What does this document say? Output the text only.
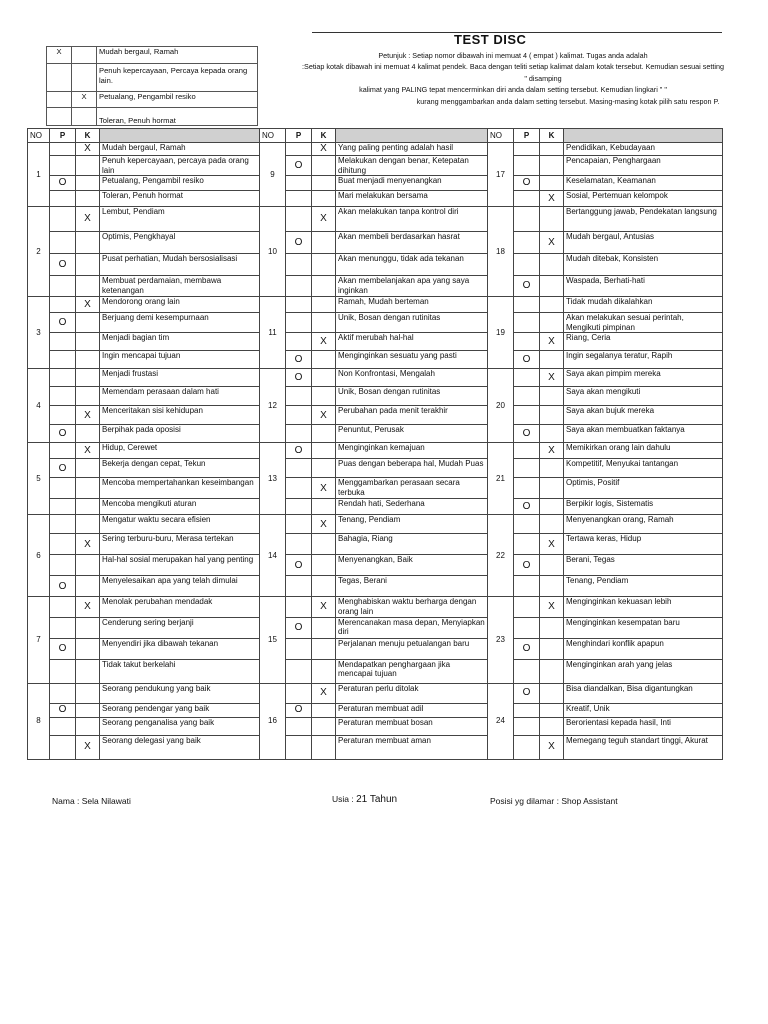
TEST DISC
Petunjuk : Setiap nomor dibawah ini memuat 4 ( empat ) kalimat. Tugas anda adalah
:Setiap kotak dibawah ini memuat 4 kalimat pendek. Baca dengan teliti setiap kalimat dalam kotak tersebut. Kemudian sesuai setting
" disamping
kalimat yang PALING tepat mencerminkan diri anda dalam setting tersebut. Kemudian lingkari " "
kurang menggambarkan anda dalam setting tersebut. Masing-masing kotak pilih satu respon P.
X		Mudah bergaul, Ramah
		Penuh kepercayaan, Percaya kepada orang lain.
	X	Petualang, Pengambil resiko
		Toleran, Penuh hormat
NO	P	K		NO	P	K		NO	P	K	
1		X	Mudah bergaul, Ramah	9		X	Yang paling penting adalah hasil	17			Pendidikan, Kebudayaan
			Penuh kepercayaan, percaya pada orang lain		O		Melakukan dengan benar, Ketepatan dihitung				Pencapaian, Penghargaan
	O		Petualang, Pengambil resiko				Buat menjadi menyenangkan		O		Keselamatan, Keamanan
			Toleran, Penuh hormat				Mari melakukan bersama			X	Sosial, Pertemuan kelompok
2		X	Lembut, Pendiam	10		X	Akan melakukan tanpa kontrol diri	18			Bertanggung jawab, Pendekatan langsung
			Optimis, Pengkhayal		O		Akan membeli berdasarkan hasrat			X	Mudah bergaul, Antusias
	O		Pusat perhatian, Mudah bersosialisasi				Akan menunggu, tidak ada tekanan				Mudah ditebak, Konsisten
			Membuat perdamaian, membawa ketenangan				Akan membelanjakan apa yang saya inginkan		O		Waspada, Berhati-hati
3		X	Mendorong orang lain	11			Ramah, Mudah berteman	19			Tidak mudah dikalahkan
	O		Berjuang demi kesempurnaan				Unik, Bosan dengan rutinitas				Akan melakukan sesuai perintah, Mengikuti pimpinan
			Menjadi bagian tim			X	Aktif merubah hal-hal			X	Riang, Ceria
			Ingin mencapai tujuan		O		Menginginkan sesuatu yang pasti		O		Ingin segalanya teratur, Rapih
4			Menjadi frustasi	12	O		Non Konfrontasi, Mengalah	20		X	Saya akan pimpim mereka
			Memendam perasaan dalam hati				Unik, Bosan dengan rutinitas				Saya akan mengikuti
		X	Menceritakan sisi kehidupan			X	Perubahan pada menit terakhir				Saya akan bujuk mereka
	O		Berpihak pada oposisi				Penuntut, Perusak		O		Saya akan membuatkan faktanya
5		X	Hidup, Cerewet	13	O		Menginginkan kemajuan	21		X	Memikirkan orang lain dahulu
	O		Bekerja dengan cepat, Tekun				Puas dengan beberapa hal, Mudah Puas				Kompetitif, Menyukai tantangan
			Mencoba mempertahankan keseimbangan			X	Menggambarkan perasaan secara terbuka				Optimis, Positif
			Mencoba mengikuti aturan				Rendah hati, Sederhana		O		Berpikir logis, Sistematis
6			Mengatur waktu secara efisien	14		X	Tenang, Pendiam	22			Menyenangkan orang, Ramah
		X	Sering terburu-buru, Merasa tertekan				Bahagia, Riang			X	Tertawa keras, Hidup
			Hal-hal sosial merupakan hal yang penting		O		Menyenangkan, Baik		O		Berani, Tegas
	O		Menyelesaikan apa yang telah dimulai				Tegas, Berani				Tenang, Pendiam
7		X	Menolak perubahan mendadak	15		X	Menghabiskan waktu berharga dengan orang lain	23		X	Menginginkan kekuasan lebih
			Cenderung sering berjanji		O		Merencanakan masa depan, Menyiapkan diri				Menginginkan kesempatan baru
	O		Menyendiri jika dibawah tekanan				Perjalanan menuju petualangan baru		O		Menghindari konflik apapun
			Tidak takut berkelahi				Mendapatkan penghargaan jika mencapai tujuan				Menginginkan arah yang jelas
8			Seorang pendukung yang baik	16		X	Peraturan perlu ditolak	24	O		Bisa diandalkan, Bisa digantungkan
	O		Seorang pendengar yang baik		O		Peraturan membuat adil				Kreatif, Unik
			Seorang penganalisa yang baik				Peraturan membuat bosan				Berorientasi kepada hasil, Inti
		X	Seorang delegasi yang baik				Peraturan membuat aman			X	Memegang teguh standart tinggi, Akurat
Nama : Sela Nilawati	Usia : 21 Tahun	Posisi yg dilamar : Shop Assistant
